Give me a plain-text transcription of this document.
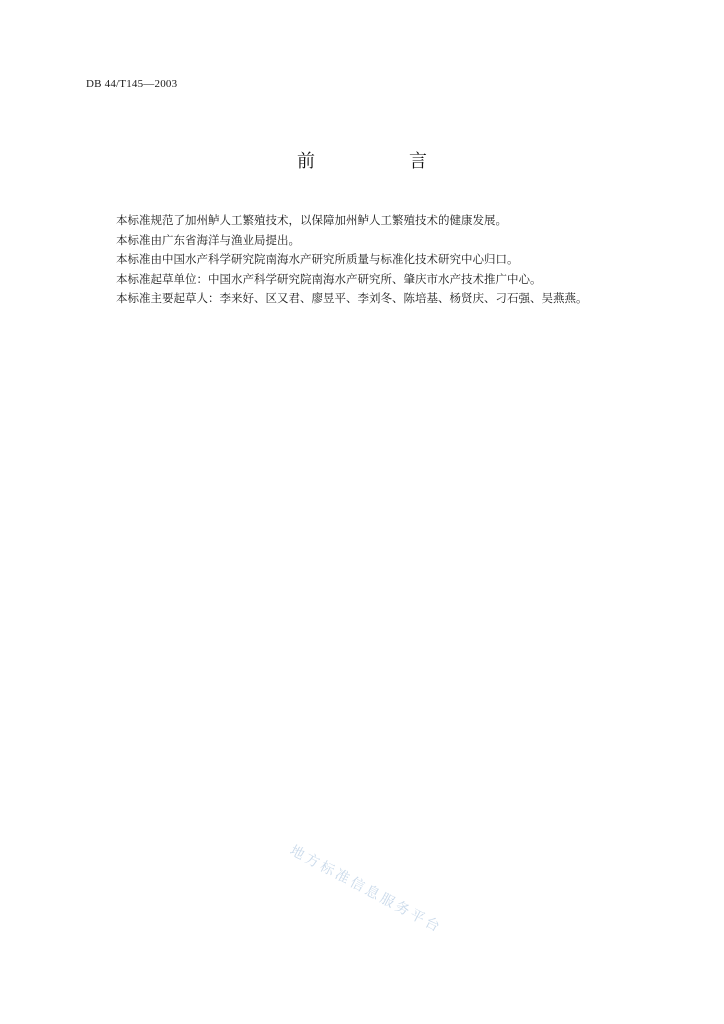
DB 44/T145—2003
前　言

本标准规范了加州鲈人工繁殖技术，以保障加州鲈人工繁殖技术的健康发展。

本标准由广东省海洋与渔业局提出。

本标准由中国水产科学研究院南海水产研究所质量与标准化技术研究中心归口。

本标准起草单位：中国水产科学研究院南海水产研究所、肇庆市水产技术推广中心。

本标准主要起草人：李来好、区又君、廖昱平、李刘冬、陈培基、杨贤庆、刁石强、吴燕燕。

地方标准信息服务平台
